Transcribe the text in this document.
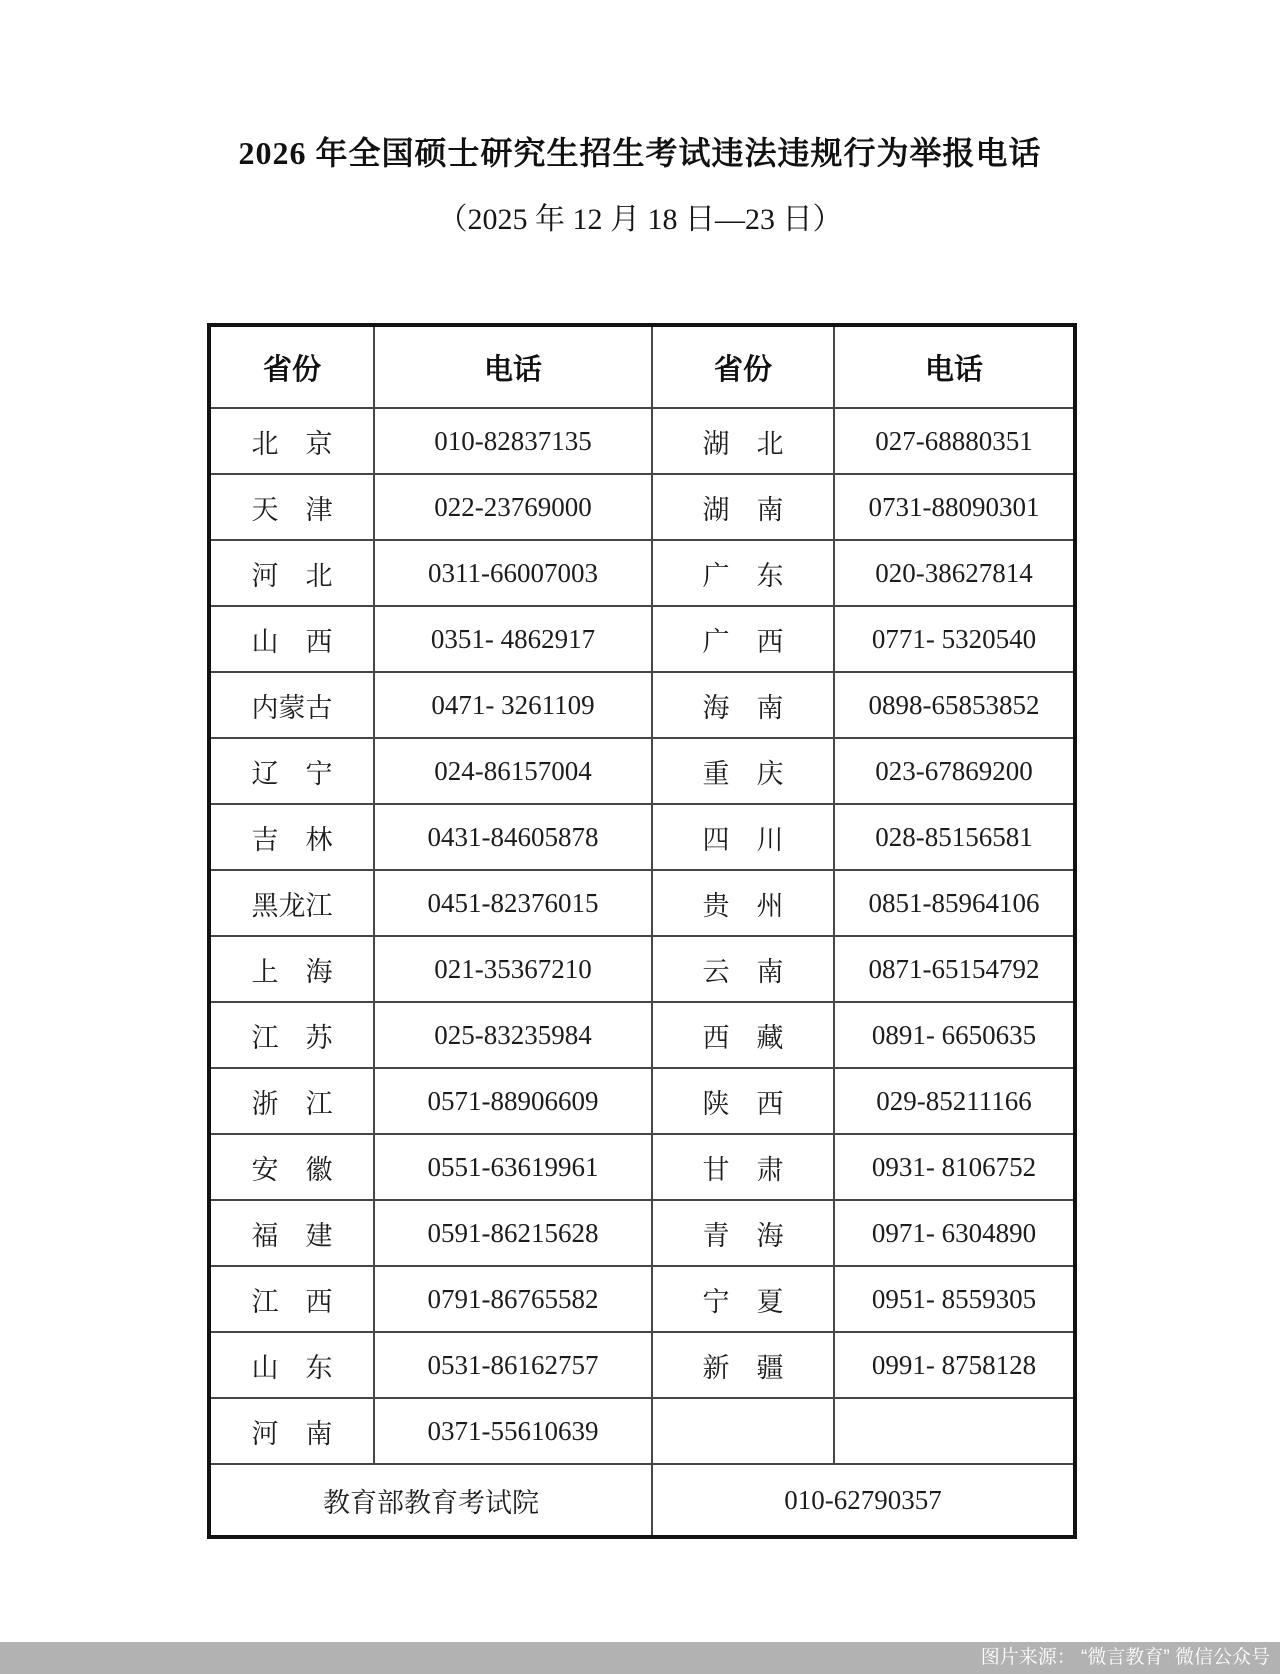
2026 年全国硕士研究生招生考试违法违规行为举报电话
（2025 年 12 月 18 日—23 日）
省份	电话	省份	电话
北　京	010-82837135	湖　北	027-68880351
天　津	022-23769000	湖　南	0731-88090301
河　北	0311-66007003	广　东	020-38627814
山　西	0351- 4862917	广　西	0771- 5320540
内蒙古	0471- 3261109	海　南	0898-65853852
辽　宁	024-86157004	重　庆	023-67869200
吉　林	0431-84605878	四　川	028-85156581
黑龙江	0451-82376015	贵　州	0851-85964106
上　海	021-35367210	云　南	0871-65154792
江　苏	025-83235984	西　藏	0891- 6650635
浙　江	0571-88906609	陕　西	029-85211166
安　徽	0551-63619961	甘　肃	0931- 8106752
福　建	0591-86215628	青　海	0971- 6304890
江　西	0791-86765582	宁　夏	0951- 8559305
山　东	0531-86162757	新　疆	0991- 8758128
河　南	0371-55610639		
教育部教育考试院		010-62790357	
图片来源： “微言教育” 微信公众号
